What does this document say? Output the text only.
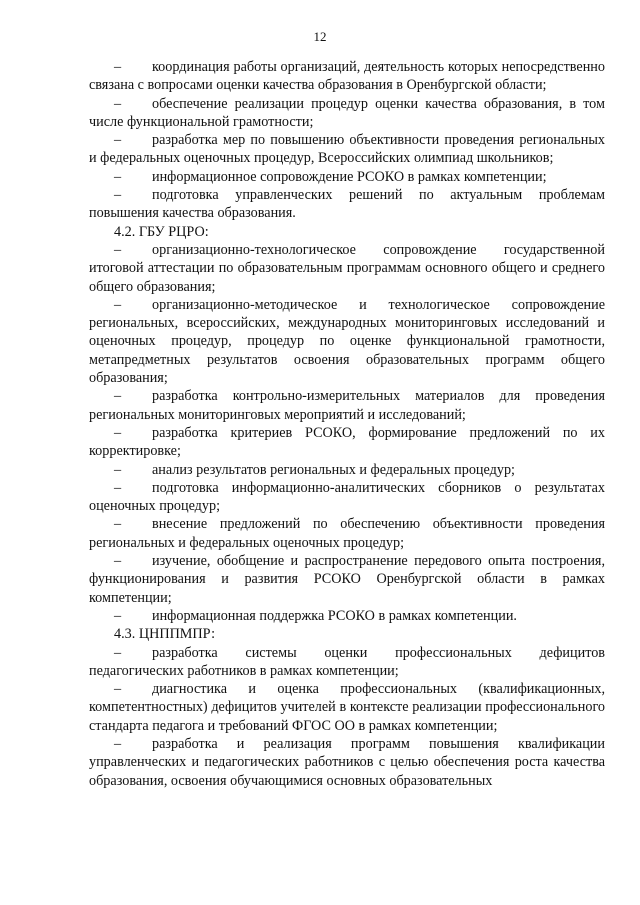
12

– координация работы организаций, деятельность которых непосредственно связана с вопросами оценки качества образования в Оренбургской области;

– обеспечение реализации процедур оценки качества образования, в том числе функциональной грамотности;

– разработка мер по повышению объективности проведения региональных и федеральных оценочных процедур, Всероссийских олимпиад школьников;

– информационное сопровождение РСОКО в рамках компетенции;

– подготовка управленческих решений по актуальным проблемам повышения качества образования.

4.2. ГБУ РЦРО:

– организационно-технологическое сопровождение государственной итоговой аттестации по образовательным программам основного общего и среднего общего образования;

– организационно-методическое и технологическое сопровождение региональных, всероссийских, международных мониторинговых исследований и оценочных процедур, процедур по оценке функциональной грамотности, метапредметных результатов освоения образовательных программ общего образования;

– разработка контрольно-измерительных материалов для проведения региональных мониторинговых мероприятий и исследований;

– разработка критериев РСОКО, формирование предложений по их корректировке;

– анализ результатов региональных и федеральных процедур;

– подготовка информационно-аналитических сборников о результатах оценочных процедур;

– внесение предложений по обеспечению объективности проведения региональных и федеральных оценочных процедур;

– изучение, обобщение и распространение передового опыта построения, функционирования и развития РСОКО Оренбургской области в рамках компетенции;

– информационная поддержка РСОКО в рамках компетенции.

4.3. ЦНППМПР:

– разработка системы оценки профессиональных дефицитов педагогических работников в рамках компетенции;

– диагностика и оценка профессиональных (квалификационных, компетентностных) дефицитов учителей в контексте реализации профессионального стандарта педагога и требований ФГОС ОО в рамках компетенции;

– разработка и реализация программ повышения квалификации управленческих и педагогических работников с целью обеспечения роста качества образования, освоения обучающимися основных образовательных
